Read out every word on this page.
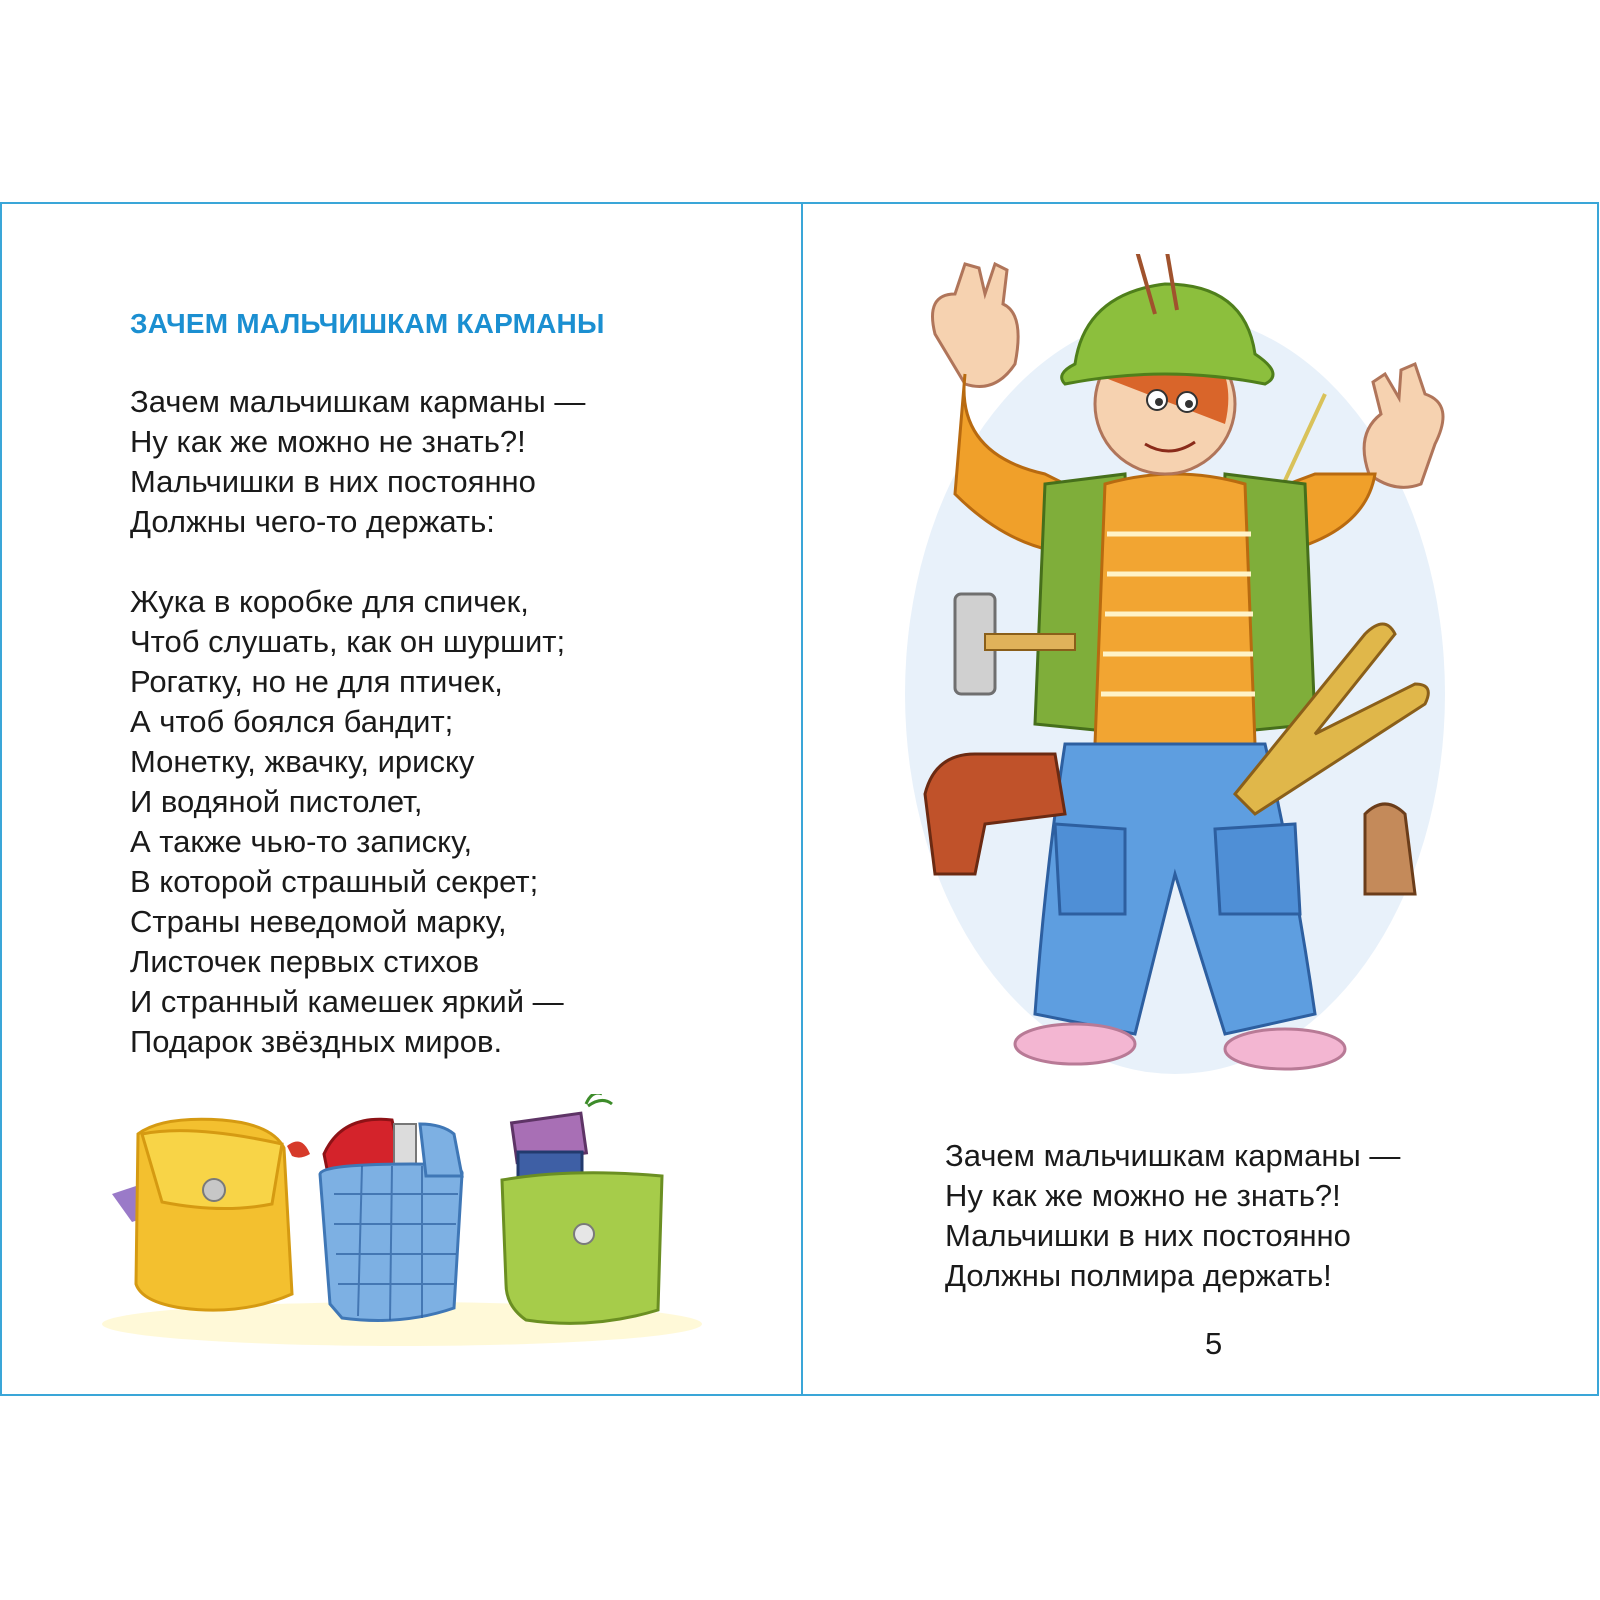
ЗАЧЕМ МАЛЬЧИШКАМ КАРМАНЫ
Зачем мальчишкам карманы —
Ну как же можно не знать?!
Мальчишки в них постоянно
Должны чего-то держать:
Жука в коробке для спичек,
Чтоб слушать, как он шуршит;
Рогатку, но не для птичек,
А чтоб боялся бандит;
Монетку, жвачку, ириску
И водяной пистолет,
А также чью-то записку,
В которой страшный секрет;
Страны неведомой марку,
Листочек первых стихов
И странный камешек яркий —
Подарок звёздных миров.
Зачем мальчишкам карманы —
Ну как же можно не знать?!
Мальчишки в них постоянно
Должны полмира держать!
5
